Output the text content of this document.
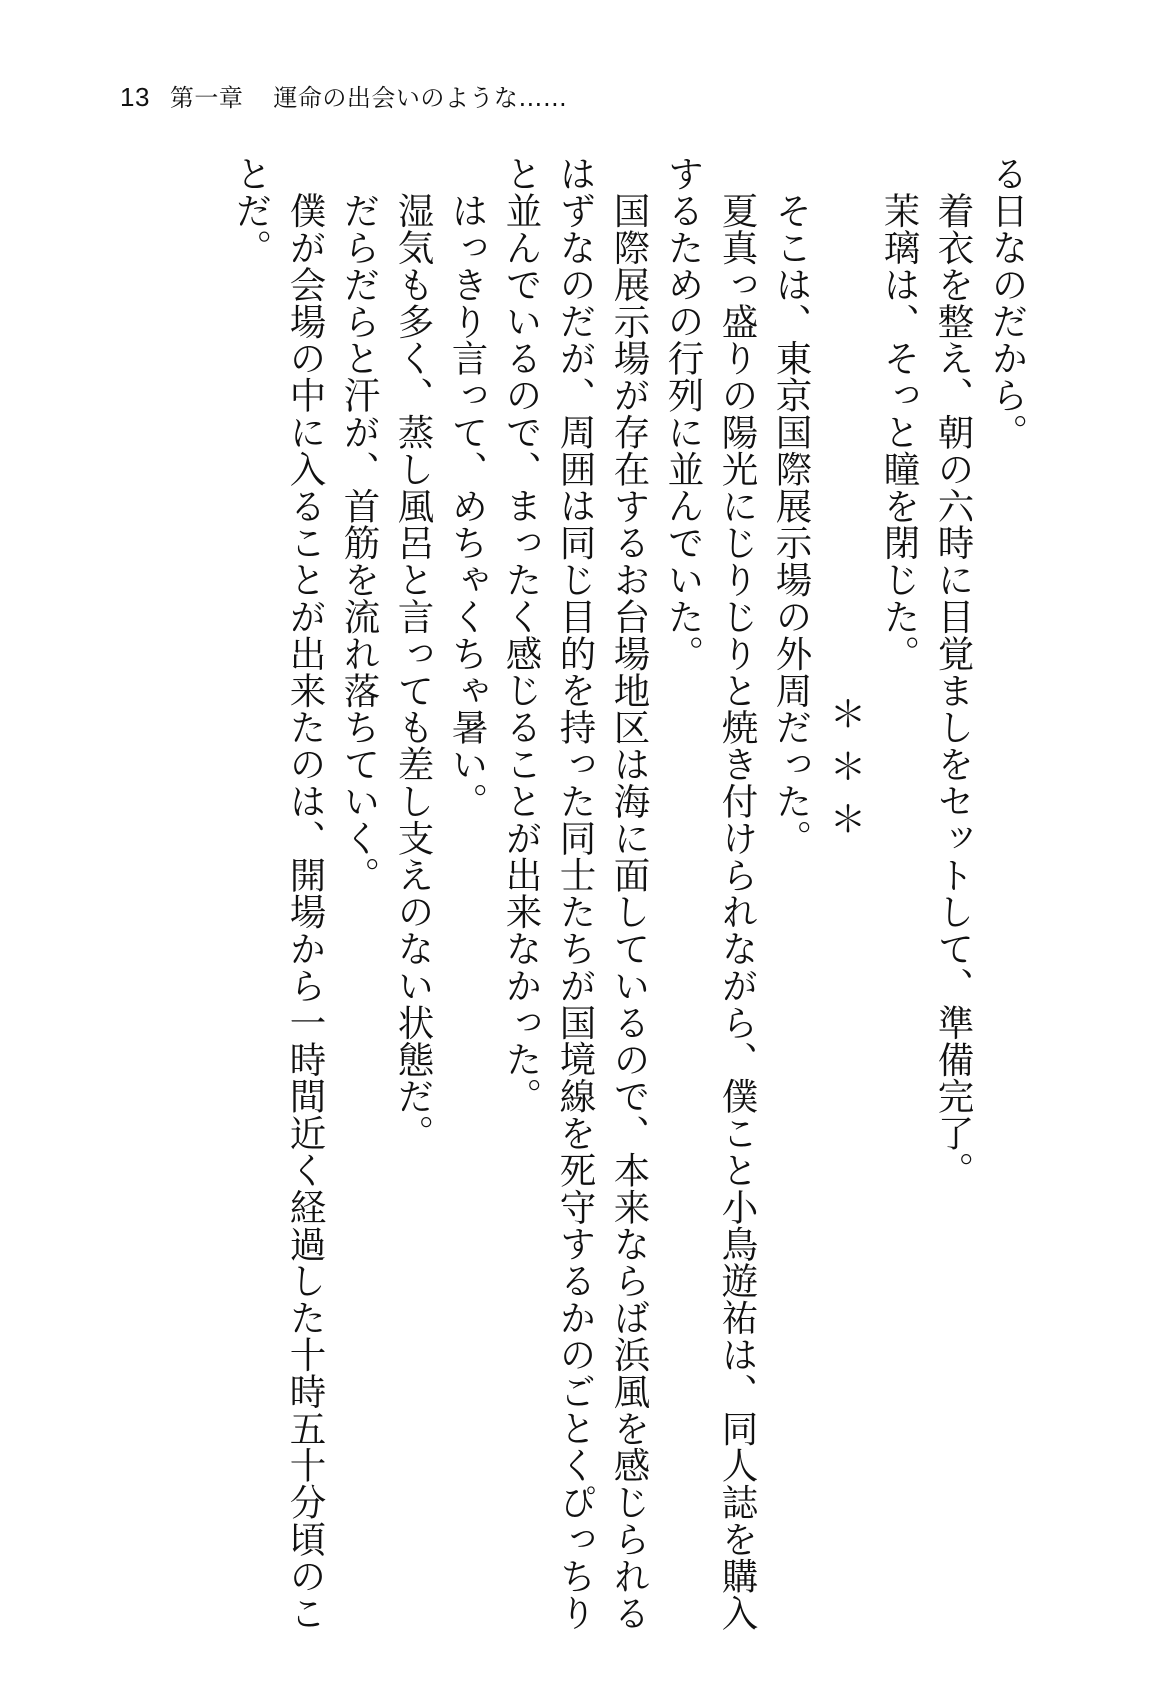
13 第一章 運命の出会いのような……

る日なのだから。

着衣を整え、朝の六時に目覚ましをセットして、準備完了。

茉璃は、そっと瞳を閉じた。

＊＊＊

そこは、東京国際展示場の外周だった。

夏真っ盛りの陽光にじりじりと焼き付けられながら、僕こと小鳥遊祐は、同人誌を購入するための行列に並んでいた。

国際展示場が存在するお台場地区は海に面しているので、本来ならば浜風を感じられるはずなのだが、周囲は同じ目的を持った同士たちが国境線を死守するかのごとくぴっちりと並んでいるので、まったく感じることが出来なかった。

はっきり言って、めちゃくちゃ暑い。

湿気も多く、蒸し風呂と言っても差し支えのない状態だ。

だらだらと汗が、首筋を流れ落ちていく。

僕が会場の中に入ることが出来たのは、開場から一時間近く経過した十時五十分頃のことだ。
